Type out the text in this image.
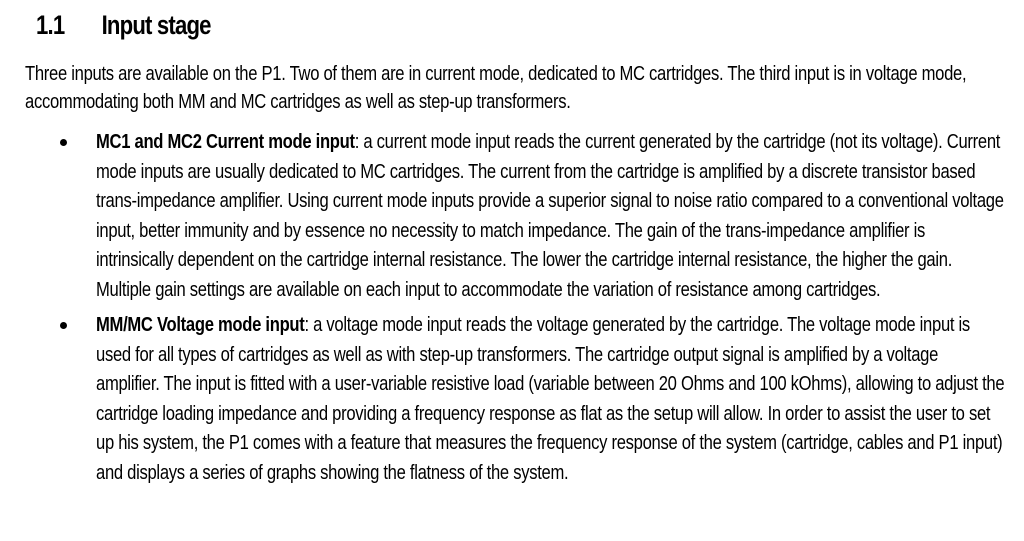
1.1 Input stage

Three inputs are available on the P1. Two of them are in current mode, dedicated to MC cartridges. The third input is in voltage mode, accommodating both MM and MC cartridges as well as step-up transformers.

MC1 and MC2 Current mode input: a current mode input reads the current generated by the cartridge (not its voltage). Current mode inputs are usually dedicated to MC cartridges. The current from the cartridge is amplified by a discrete transistor based trans-impedance amplifier. Using current mode inputs provide a superior signal to noise ratio compared to a conventional voltage input, better immunity and by essence no necessity to match impedance. The gain of the trans-impedance amplifier is intrinsically dependent on the cartridge internal resistance. The lower the cartridge internal resistance, the higher the gain. Multiple gain settings are available on each input to accommodate the variation of resistance among cartridges.
MM/MC Voltage mode input: a voltage mode input reads the voltage generated by the cartridge. The voltage mode input is used for all types of cartridges as well as with step-up transformers. The cartridge output signal is amplified by a voltage amplifier. The input is fitted with a user-variable resistive load (variable between 20 Ohms and 100 kOhms), allowing to adjust the cartridge loading impedance and providing a frequency response as flat as the setup will allow. In order to assist the user to set up his system, the P1 comes with a feature that measures the frequency response of the system (cartridge, cables and P1 input) and displays a series of graphs showing the flatness of the system.
